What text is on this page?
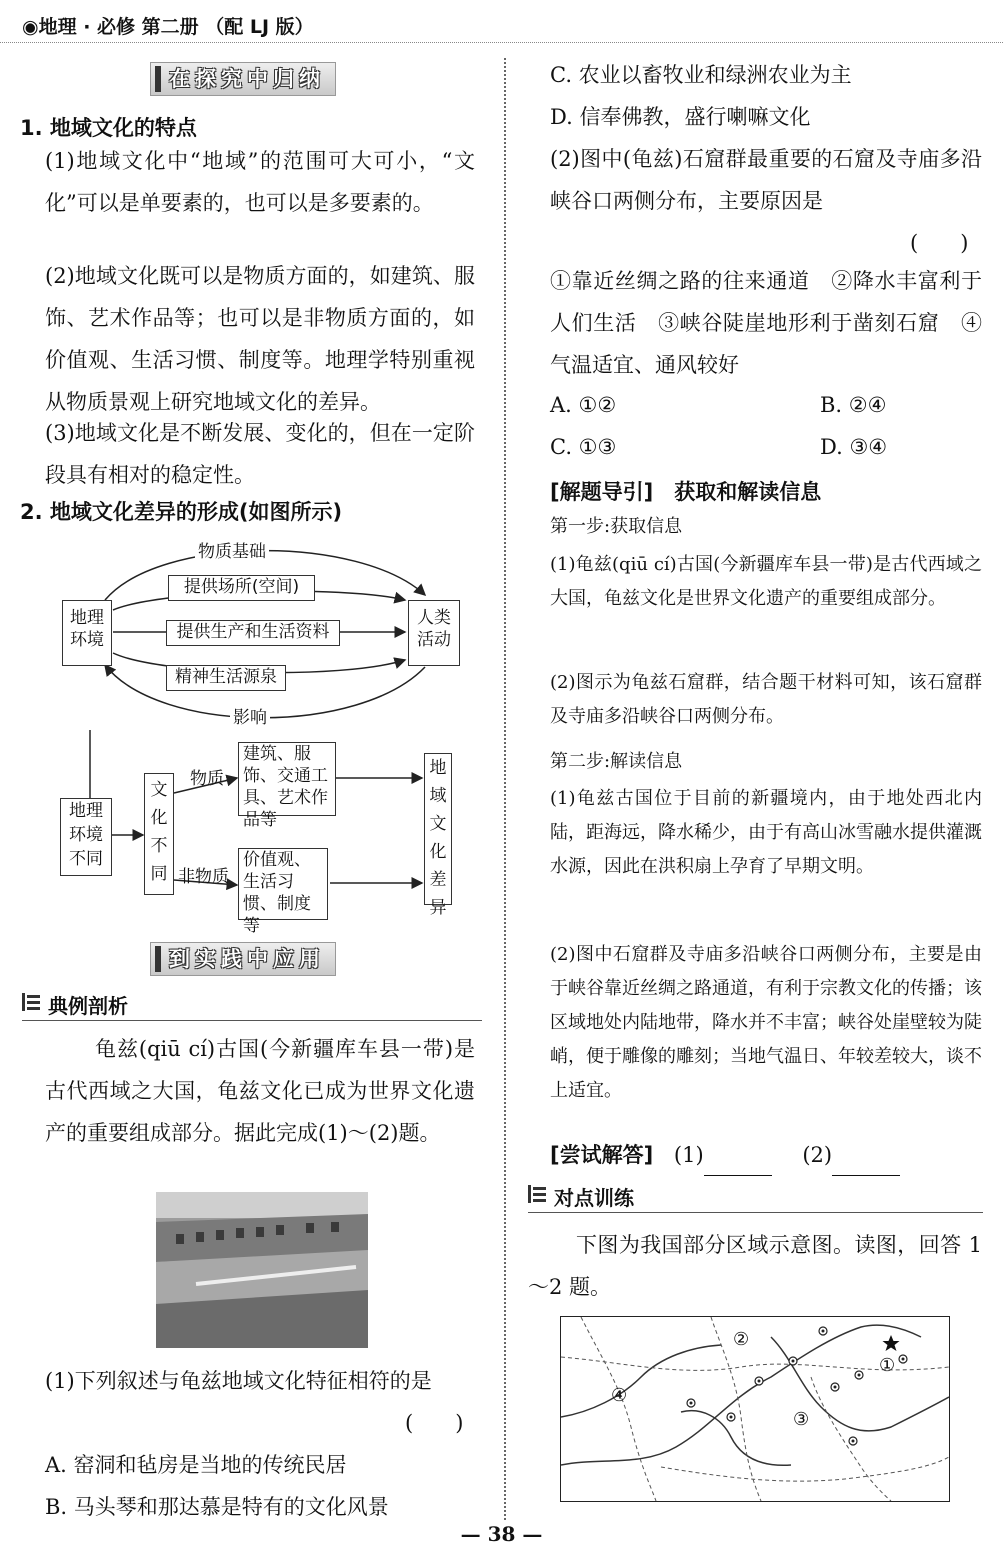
◉地理 · 必修 第二册 （配 LJ 版）
在探究中归纳
1. 地域文化的特点
(1)地域文化中“地域”的范围可大可小，“文化”可以是单要素的，也可以是多要素的。
(2)地域文化既可以是物质方面的，如建筑、服饰、艺术作品等；也可以是非物质方面的，如价值观、生活习惯、制度等。地理学特别重视从物质景观上研究地域文化的差异。
(3)地域文化是不断发展、变化的，但在一定阶段具有相对的稳定性。
2. 地域文化差异的形成(如图所示)
地理环境
人类活动
物质基础
提供场所(空间)
提供生产和生活资料
精神生活源泉
影响
地理环境不同
文化不同
物质
建筑、服饰、交通工具、艺术作品等
非物质
价值观、生活习惯、制度等
地域文化差异
到实践中应用
典例剖析
龟兹(qiū cí)古国(今新疆库车县一带)是古代西域之大国，龟兹文化已成为世界文化遗产的重要组成部分。据此完成(1)～(2)题。
(1)下列叙述与龟兹地域文化特征相符的是
(　　)
A. 窑洞和毡房是当地的传统民居
B. 马头琴和那达慕是特有的文化风景
C. 农业以畜牧业和绿洲农业为主
D. 信奉佛教，盛行喇嘛文化
(2)图中(龟兹)石窟群最重要的石窟及寺庙多沿峡谷口两侧分布，主要原因是
(　　)
①靠近丝绸之路的往来通道　②降水丰富利于人们生活　③峡谷陡崖地形利于凿刻石窟　④气温适宜、通风较好
A. ①②	B. ②④
C. ①③	D. ③④
[解题导引]　获取和解读信息
第一步:获取信息
(1)龟兹(qiū cí)古国(今新疆库车县一带)是古代西域之大国，龟兹文化是世界文化遗产的重要组成部分。
(2)图示为龟兹石窟群，结合题干材料可知，该石窟群及寺庙多沿峡谷口两侧分布。
第二步:解读信息
(1)龟兹古国位于目前的新疆境内，由于地处西北内陆，距海远，降水稀少，由于有高山冰雪融水提供灌溉水源，因此在洪积扇上孕育了早期文明。
(2)图中石窟群及寺庙多沿峡谷口两侧分布，主要是由于峡谷靠近丝绸之路通道，有利于宗教文化的传播；该区域地处内陆地带，降水并不丰富；峡谷处崖壁较为陡峭，便于雕像的雕刻；当地气温日、年较差较大，谈不上适宜。
[尝试解答] (1)	(2)
对点训练
下图为我国部分区域示意图。读图，回答 1～2 题。
①
②
③
④
— 38 —
